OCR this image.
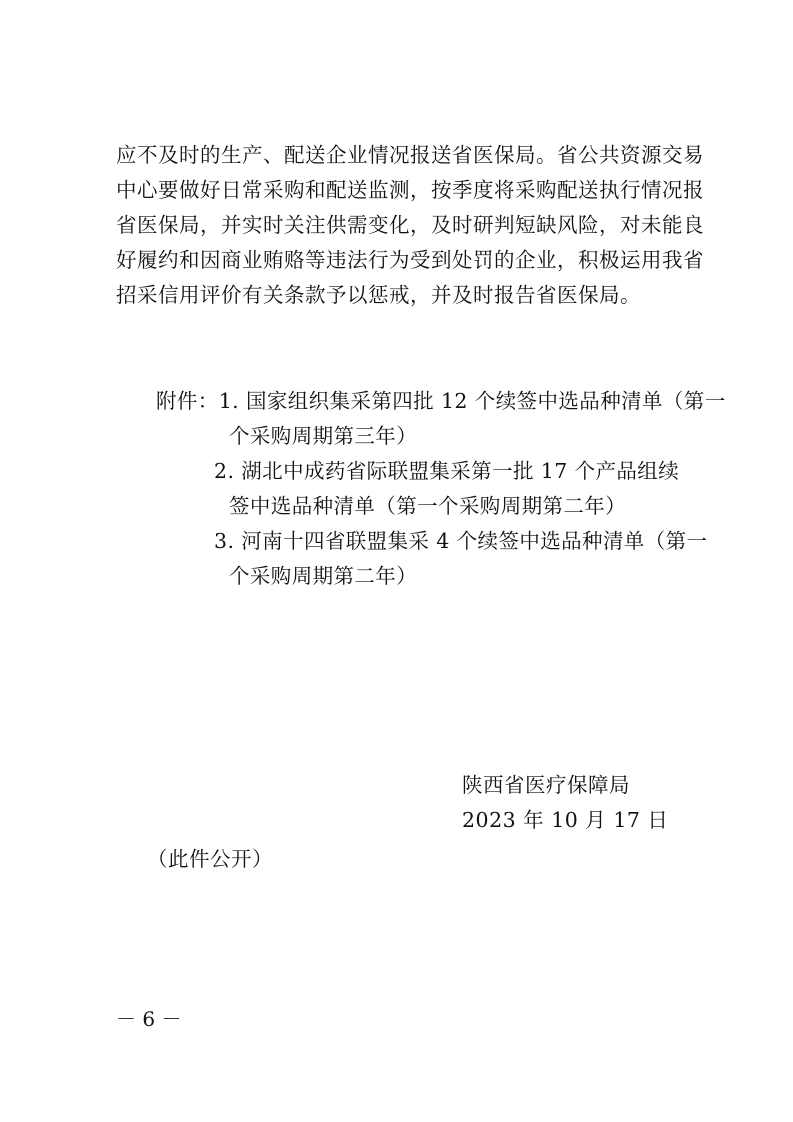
应不及时的生产、配送企业情况报送省医保局。省公共资源交易
中心要做好日常采购和配送监测，按季度将采购配送执行情况报
省医保局，并实时关注供需变化，及时研判短缺风险，对未能良
好履约和因商业贿赂等违法行为受到处罚的企业，积极运用我省
招采信用评价有关条款予以惩戒，并及时报告省医保局。
附件：1. 国家组织集采第四批 12 个续签中选品种清单（第一
个采购周期第三年）
2. 湖北中成药省际联盟集采第一批 17 个产品组续
签中选品种清单（第一个采购周期第二年）
3. 河南十四省联盟集采 4 个续签中选品种清单（第一
个采购周期第二年）
陕西省医疗保障局
2023 年 10 月 17 日
（此件公开）
－ 6 －
